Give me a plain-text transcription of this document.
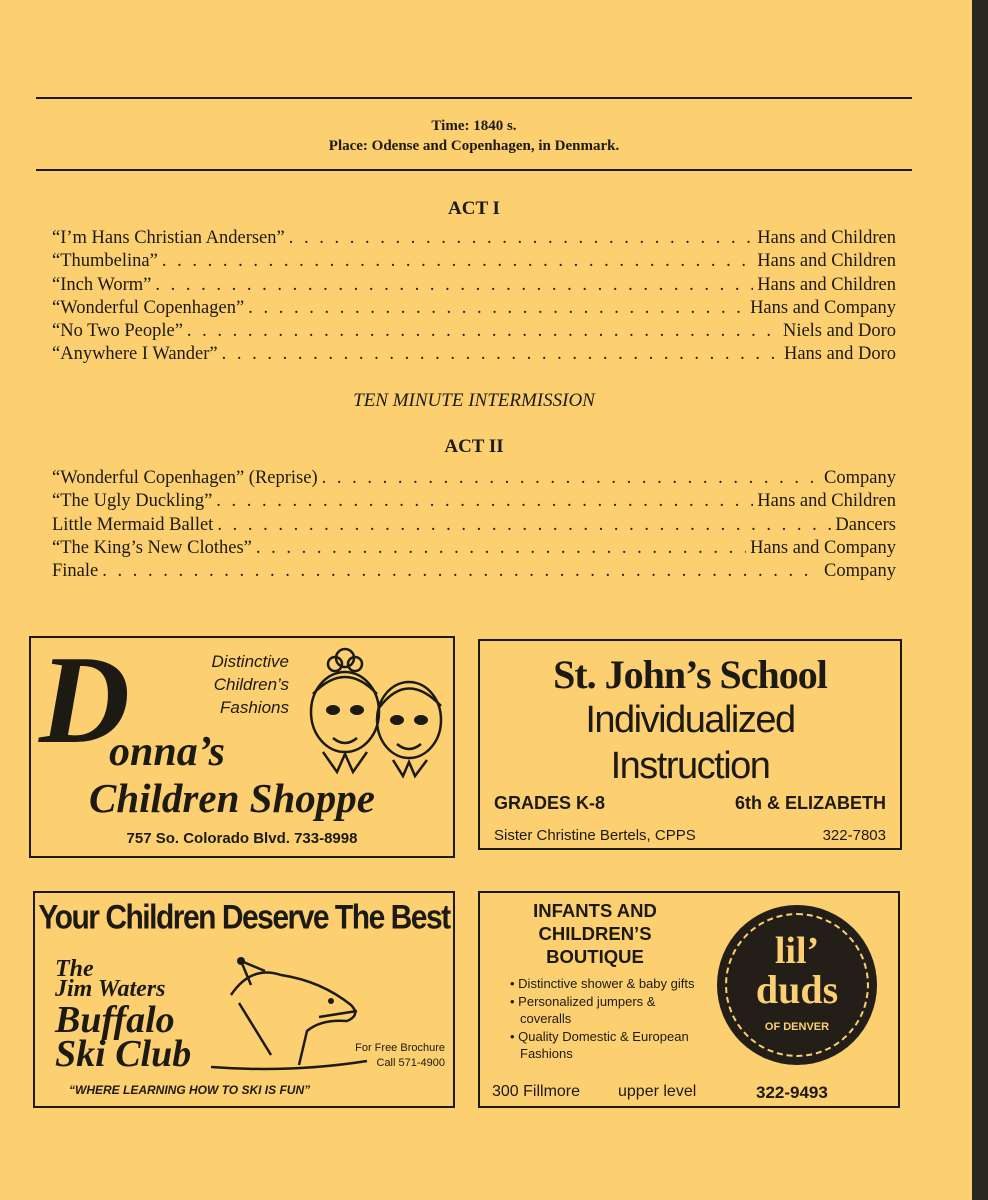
Time: 1840 s.
Place: Odense and Copenhagen, in Denmark.
ACT I
“I’m Hans Christian Andersen” . . .	Hans and Children
“Thumbelina” . . .	Hans and Children
“Inch Worm” . . .	Hans and Children
“Wonderful Copenhagen” . . .	Hans and Company
“No Two People” . . .	Niels and Doro
“Anywhere I Wander” . . .	Hans and Doro
TEN MINUTE INTERMISSION
ACT II
“Wonderful Copenhagen” (Reprise) . . .	Company
“The Ugly Duckling” . . .	Hans and Children
Little Mermaid Ballet . . .	Dancers
“The King’s New Clothes” . . .	Hans and Company
Finale . . .	Company
D
onna’s
Children Shoppe
Distinctive
Children’s
Fashions
757 So. Colorado Blvd. 733-8998
St. John’s School
Individualized
Instruction
GRADES K-8	6th & ELIZABETH
Sister Christine Bertels, CPPS	322-7803
Your Children Deserve The Best
The
Jim Waters
Buffalo
Ski Club	For Free Brochure
Call 571-4900
“WHERE LEARNING HOW TO SKI IS FUN”
INFANTS AND
CHILDREN’S
BOUTIQUE
• Distinctive shower & baby gifts
• Personalized jumpers & coveralls
• Quality Domestic & European Fashions
300 Fillmore upper level	322-9493
lil’
duds
OF DENVER
